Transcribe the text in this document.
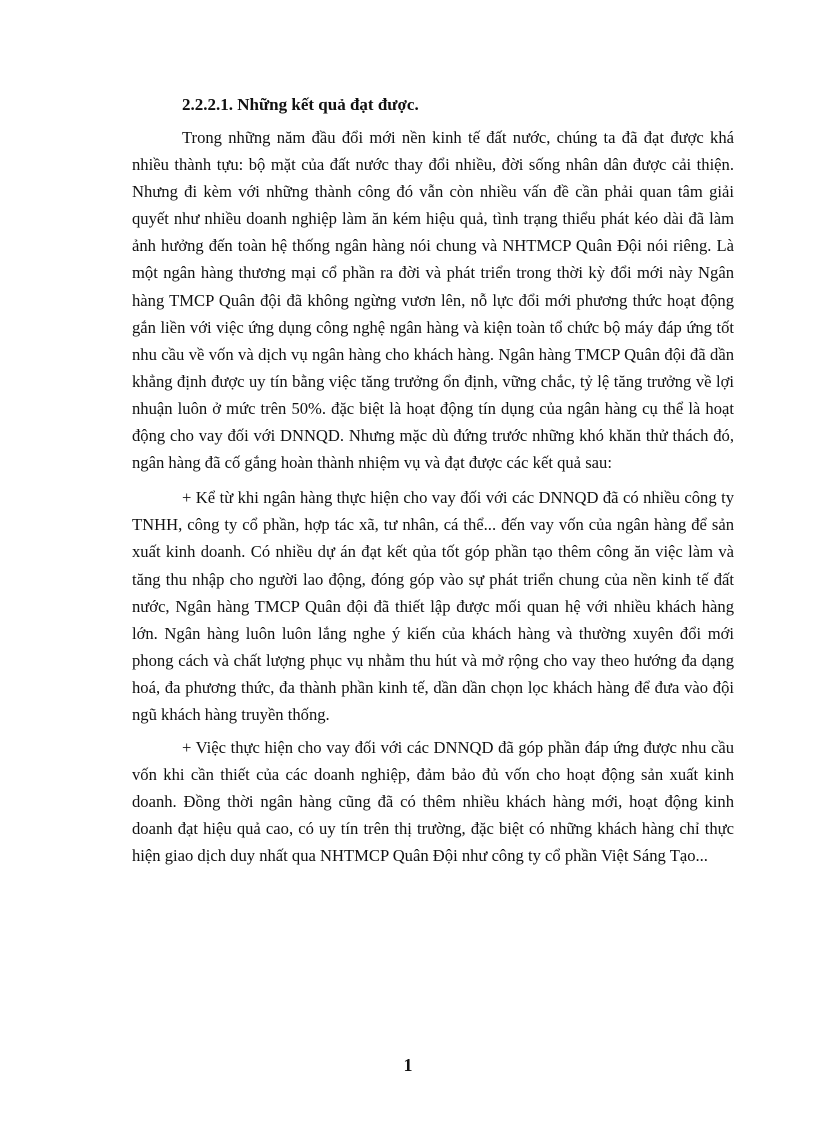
2.2.2.1. Những kết quả đạt được.

Trong những năm đầu đổi mới nền kinh tế đất nước, chúng ta đã đạt được khá nhiều thành tựu: bộ mặt của đất nước thay đổi nhiều, đời sống nhân dân được cải thiện. Nhưng đi kèm với những thành công đó vẫn còn nhiều vấn đề cần phải quan tâm giải quyết như nhiều doanh nghiệp làm ăn kém hiệu quả, tình trạng thiểu phát kéo dài đã làm ảnh hưởng đến toàn hệ thống ngân hàng nói chung và NHTMCP Quân Đội nói riêng. Là một ngân hàng thương mại cổ phần ra đời và phát triển trong thời kỳ đổi mới này Ngân hàng TMCP Quân đội đã không ngừng vươn lên, nỗ lực đổi mới phương thức hoạt động gắn liền với việc ứng dụng công nghệ ngân hàng và kiện toàn tổ chức bộ máy đáp ứng tốt nhu cầu về vốn và dịch vụ ngân hàng cho khách hàng. Ngân hàng TMCP Quân đội đã dần khẳng định được uy tín bằng việc tăng trưởng ổn định, vững chắc, tỷ lệ tăng trưởng về lợi nhuận luôn ở mức trên 50%. đặc biệt là hoạt động tín dụng của ngân hàng cụ thể là hoạt động cho vay đối với DNNQD. Nhưng mặc dù đứng trước những khó khăn thử thách đó, ngân hàng đã cố gắng hoàn thành nhiệm vụ và đạt được các kết quả sau:

+ Kể từ khi ngân hàng thực hiện cho vay đối với các DNNQD đã có nhiều công ty TNHH, công ty cổ phần, hợp tác xã, tư nhân, cá thể... đến vay vốn của ngân hàng để sản xuất kinh doanh. Có nhiều dự án đạt kết qủa tốt góp phần tạo thêm công ăn việc làm và tăng thu nhập cho người lao động, đóng góp vào sự phát triển chung của nền kinh tế đất nước, Ngân hàng TMCP Quân đội đã thiết lập được mối quan hệ với nhiều khách hàng lớn. Ngân hàng luôn luôn lắng nghe ý kiến của khách hàng và thường xuyên đổi mới phong cách và chất lượng phục vụ nhằm thu hút và mở rộng cho vay theo hướng đa dạng hoá, đa phương thức, đa thành phần kinh tế, dần dần chọn lọc khách hàng để đưa vào đội ngũ khách hàng truyền thống.

+ Việc thực hiện cho vay đối với các DNNQD đã góp phần đáp ứng được nhu cầu vốn khi cần thiết của các doanh nghiệp, đảm bảo đủ vốn cho hoạt động sản xuất kinh doanh. Đồng thời ngân hàng cũng đã có thêm nhiều khách hàng mới, hoạt động kinh doanh đạt hiệu quả cao, có uy tín trên thị trường, đặc biệt có những khách hàng chỉ thực hiện giao dịch duy nhất qua NHTMCP Quân Đội như công ty cổ phần Việt Sáng Tạo...

1
